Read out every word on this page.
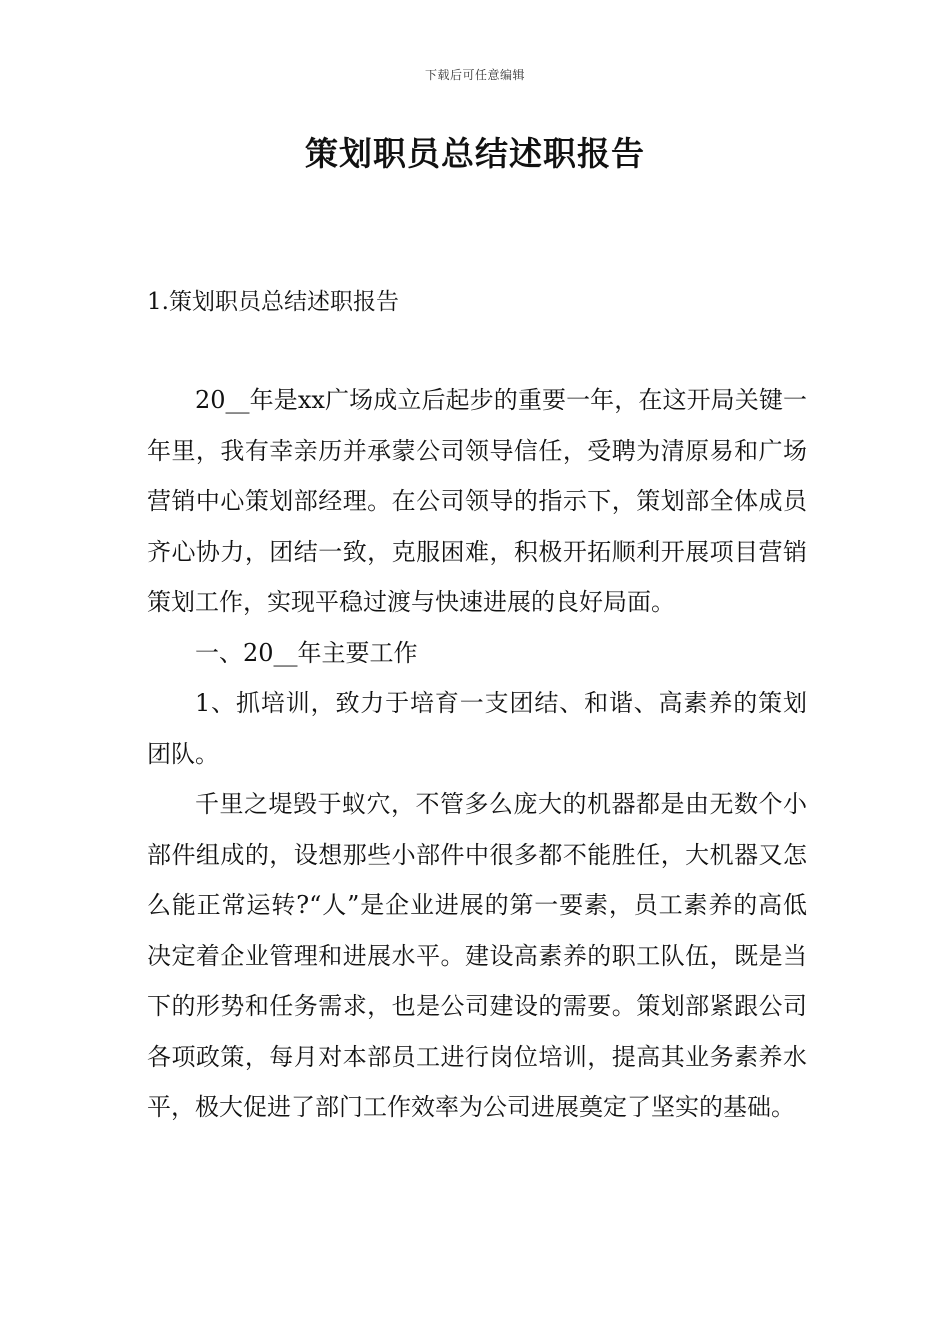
下载后可任意编辑
策划职员总结述职报告
1.策划职员总结述职报告

20__年是xx广场成立后起步的重要一年，在这开局关键一年里，我有幸亲历并承蒙公司领导信任，受聘为清原易和广场营销中心策划部经理。在公司领导的指示下，策划部全体成员齐心协力，团结一致，克服困难，积极开拓顺利开展项目营销策划工作，实现平稳过渡与快速进展的良好局面。

一、20__年主要工作

1、抓培训，致力于培育一支团结、和谐、高素养的策划团队。

千里之堤毁于蚁穴，不管多么庞大的机器都是由无数个小部件组成的，设想那些小部件中很多都不能胜任，大机器又怎么能正常运转?“人”是企业进展的第一要素，员工素养的高低决定着企业管理和进展水平。建设高素养的职工队伍，既是当下的形势和任务需求，也是公司建设的需要。策划部紧跟公司各项政策，每月对本部员工进行岗位培训，提高其业务素养水平，极大促进了部门工作效率为公司进展奠定了坚实的基础。
